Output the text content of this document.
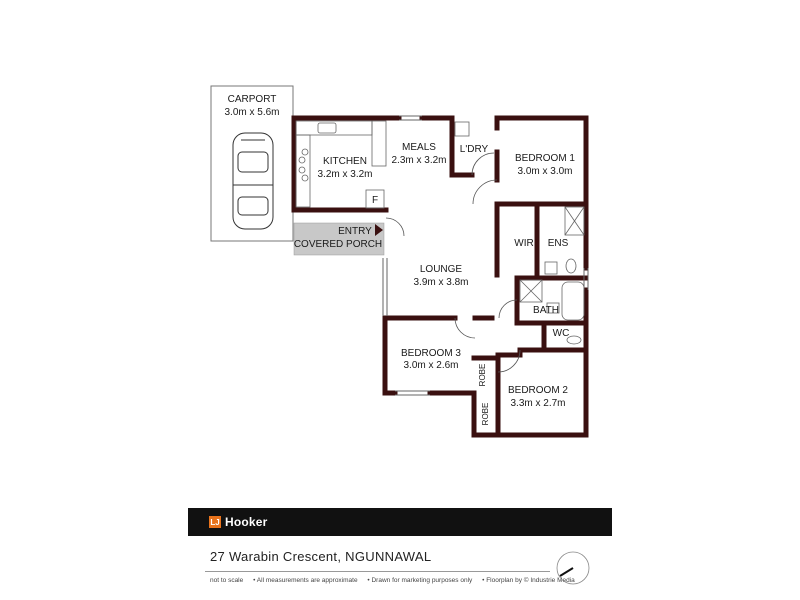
F
CARPORT
3.0m x 5.6m
KITCHEN
3.2m x 3.2m
MEALS
2.3m x 3.2m
L'DRY
BEDROOM 1
3.0m x 3.0m
WIR ENS
ENTRY
COVERED PORCH
LOUNGE
3.9m x 3.8m
BATH
WC
BEDROOM 3
3.0m x 2.6m
BEDROOM 2
3.3m x 2.7m
ROBE
ROBE
LJ Hooker
27 Warabin Crescent, NGUNNAWAL
not to scale • All measurements are approximate • Drawn for marketing purposes only • Floorplan by © Industrie Media
